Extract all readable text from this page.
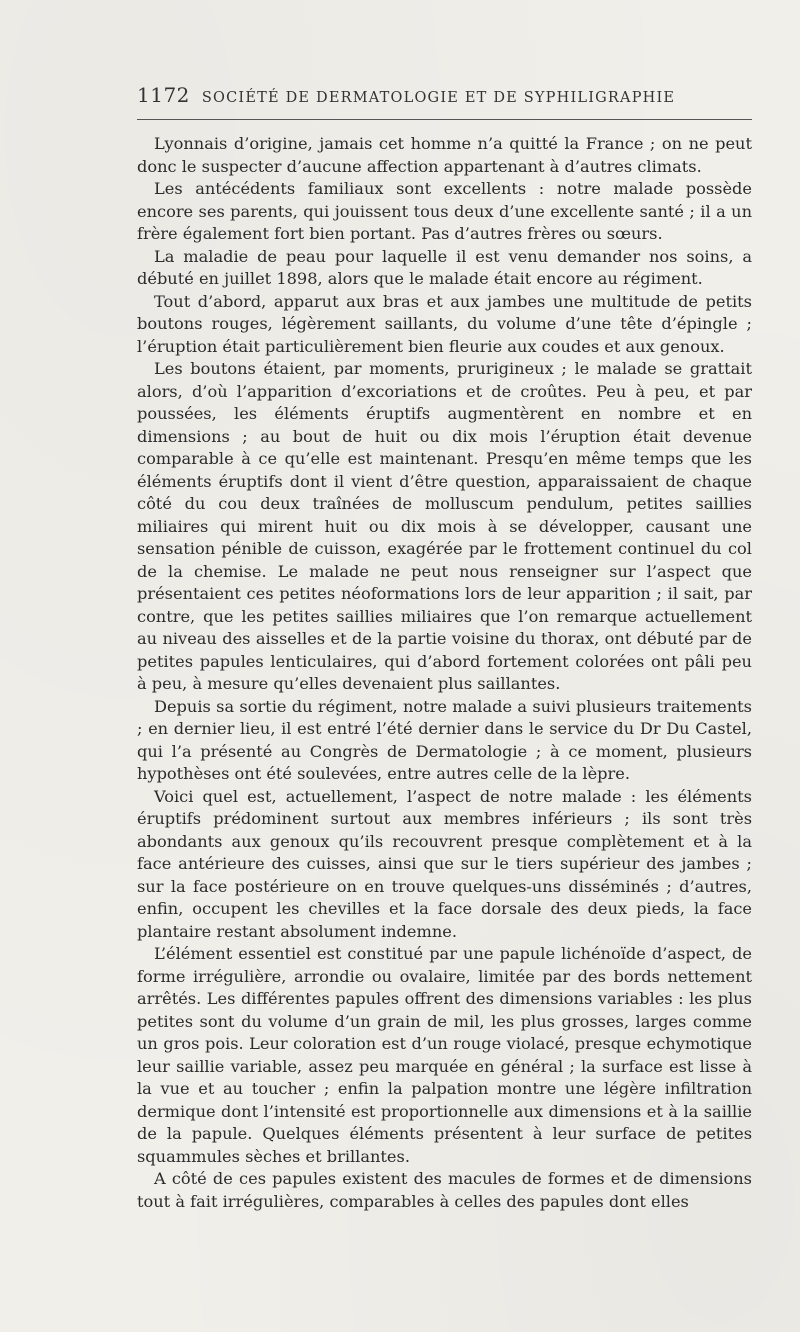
1172 SOCIÉTÉ DE DERMATOLOGIE ET DE SYPHILIGRAPHIE

Lyonnais d’origine, jamais cet homme n’a quitté la France ; on ne peut donc le suspecter d’aucune affection appartenant à d’autres climats.

Les antécédents familiaux sont excellents : notre malade possède encore ses parents, qui jouissent tous deux d’une excellente santé ; il a un frère également fort bien portant. Pas d’autres frères ou sœurs.

La maladie de peau pour laquelle il est venu demander nos soins, a débuté en juillet 1898, alors que le malade était encore au régiment.

Tout d’abord, apparut aux bras et aux jambes une multitude de petits boutons rouges, légèrement saillants, du volume d’une tête d’épingle ; l’éruption était particulièrement bien fleurie aux coudes et aux genoux.

Les boutons étaient, par moments, prurigineux ; le malade se grattait alors, d’où l’apparition d’excoriations et de croûtes. Peu à peu, et par poussées, les éléments éruptifs augmentèrent en nombre et en dimensions ; au bout de huit ou dix mois l’éruption était devenue comparable à ce qu’elle est maintenant. Presqu’en même temps que les éléments éruptifs dont il vient d’être question, apparaissaient de chaque côté du cou deux traînées de molluscum pendulum, petites saillies miliaires qui mirent huit ou dix mois à se développer, causant une sensation pénible de cuisson, exagérée par le frottement continuel du col de la chemise. Le malade ne peut nous renseigner sur l’aspect que présentaient ces petites néoformations lors de leur apparition ; il sait, par contre, que les petites saillies miliaires que l’on remarque actuellement au niveau des aisselles et de la partie voisine du thorax, ont débuté par de petites papules lenticulaires, qui d’abord fortement colorées ont pâli peu à peu, à mesure qu’elles devenaient plus saillantes.

Depuis sa sortie du régiment, notre malade a suivi plusieurs traitements ; en dernier lieu, il est entré l’été dernier dans le service du Dr Du Castel, qui l’a présenté au Congrès de Dermatologie ; à ce moment, plusieurs hypothèses ont été soulevées, entre autres celle de la lèpre.

Voici quel est, actuellement, l’aspect de notre malade : les éléments éruptifs prédominent surtout aux membres inférieurs ; ils sont très abondants aux genoux qu’ils recouvrent presque complètement et à la face antérieure des cuisses, ainsi que sur le tiers supérieur des jambes ; sur la face postérieure on en trouve quelques-uns disséminés ; d’autres, enfin, occupent les chevilles et la face dorsale des deux pieds, la face plantaire restant absolument indemne.

L’élément essentiel est constitué par une papule lichénoïde d’aspect, de forme irrégulière, arrondie ou ovalaire, limitée par des bords nettement arrêtés. Les différentes papules offrent des dimensions variables : les plus petites sont du volume d’un grain de mil, les plus grosses, larges comme un gros pois. Leur coloration est d’un rouge violacé, presque echymotique leur saillie variable, assez peu marquée en général ; la surface est lisse à la vue et au toucher ; enfin la palpation montre une légère infiltration dermique dont l’intensité est proportionnelle aux dimensions et à la saillie de la papule. Quelques éléments présentent à leur surface de petites squammules sèches et brillantes.

A côté de ces papules existent des macules de formes et de dimensions tout à fait irrégulières, comparables à celles des papules dont elles
